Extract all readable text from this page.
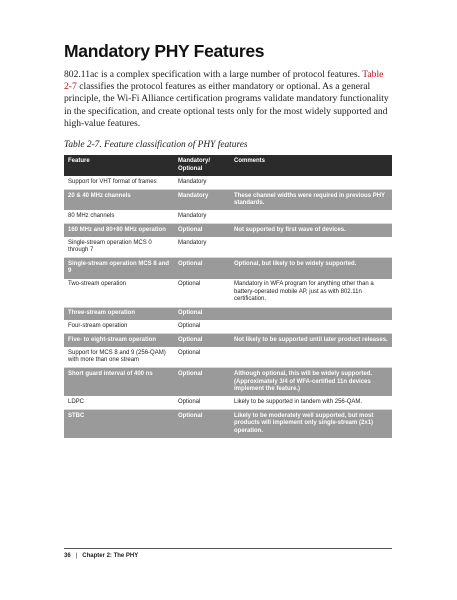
Mandatory PHY Features

802.11ac is a complex specification with a large number of protocol features. Table 2-7 classifies the protocol features as either mandatory or optional. As a general principle, the Wi-Fi Alliance certification programs validate mandatory functionality in the specification, and create optional tests only for the most widely supported and high-value features.

Table 2-7. Feature classification of PHY features

Feature	Mandatory/ Optional	Comments
Support for VHT format of frames	Mandatory	
20 & 40 MHz channels	Mandatory	These channel widths were required in previous PHY standards.
80 MHz channels	Mandatory	
160 MHz and 80+80 MHz operation	Optional	Not supported by first wave of devices.
Single-stream operation MCS 0 through 7	Mandatory	
Single-stream operation MCS 8 and 9	Optional	Optional, but likely to be widely supported.
Two-stream operation	Optional	Mandatory in WFA program for anything other than a battery-operated mobile AP, just as with 802.11n certification.
Three-stream operation	Optional	
Four-stream operation	Optional	
Five- to eight-stream operation	Optional	Not likely to be supported until later product releases.
Support for MCS 8 and 9 (256-QAM) with more than one stream	Optional	
Short guard interval of 400 ns	Optional	Although optional, this will be widely supported. (Approximately 3/4 of WFA-certified 11n devices implement the feature.)
LDPC	Optional	Likely to be supported in tandem with 256-QAM.
STBC	Optional	Likely to be moderately well supported, but most products will implement only single-stream (2x1) operation.
36 | Chapter 2: The PHY
